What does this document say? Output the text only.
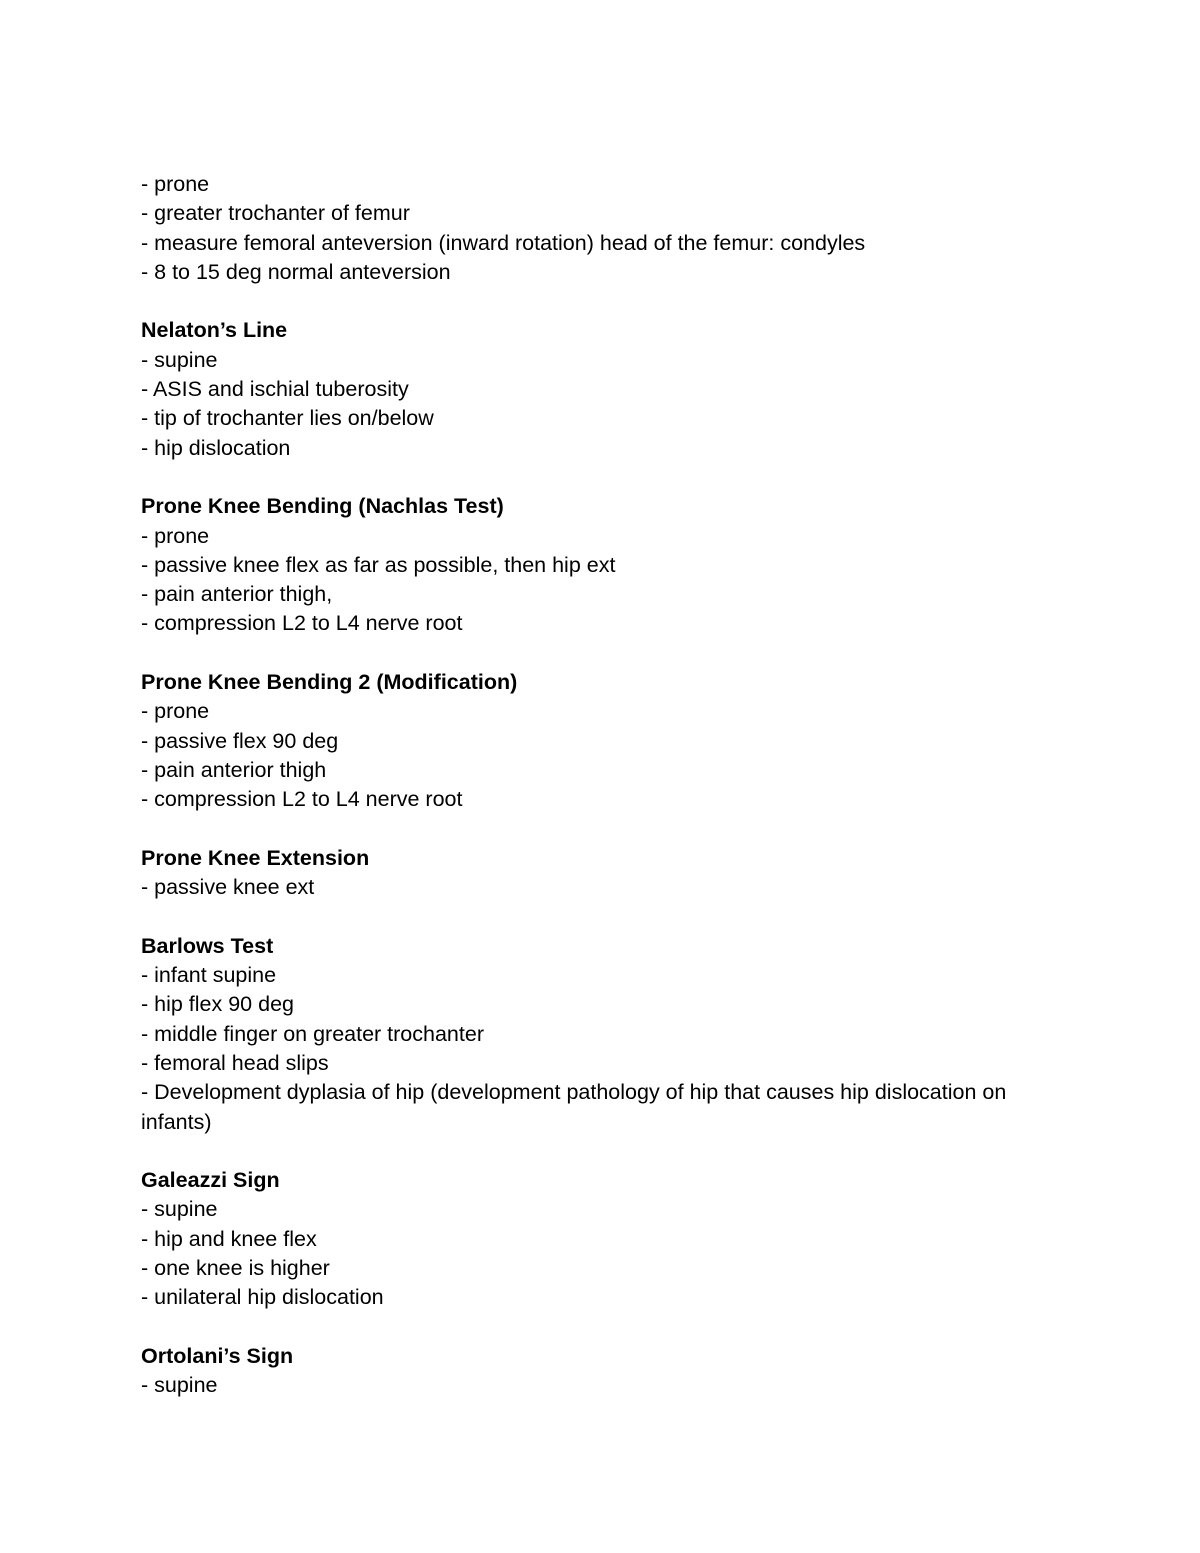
- prone
- greater trochanter of femur
- measure femoral anteversion (inward rotation) head of the femur: condyles
- 8 to 15 deg normal anteversion
Nelaton’s Line
- supine
- ASIS and ischial tuberosity
- tip of trochanter lies on/below
- hip dislocation
Prone Knee Bending (Nachlas Test)
- prone
- passive knee flex as far as possible, then hip ext
- pain anterior thigh,
- compression L2 to L4 nerve root
Prone Knee Bending 2 (Modification)
- prone
- passive flex 90 deg
- pain anterior thigh
- compression L2 to L4 nerve root
Prone Knee Extension
- passive knee ext
Barlows Test
- infant supine
- hip flex 90 deg
- middle finger on greater trochanter
- femoral head slips
- Development dyplasia of hip (development pathology of hip that causes hip dislocation on infants)
Galeazzi Sign
- supine
- hip and knee flex
- one knee is higher
- unilateral hip dislocation
Ortolani’s Sign
- supine
